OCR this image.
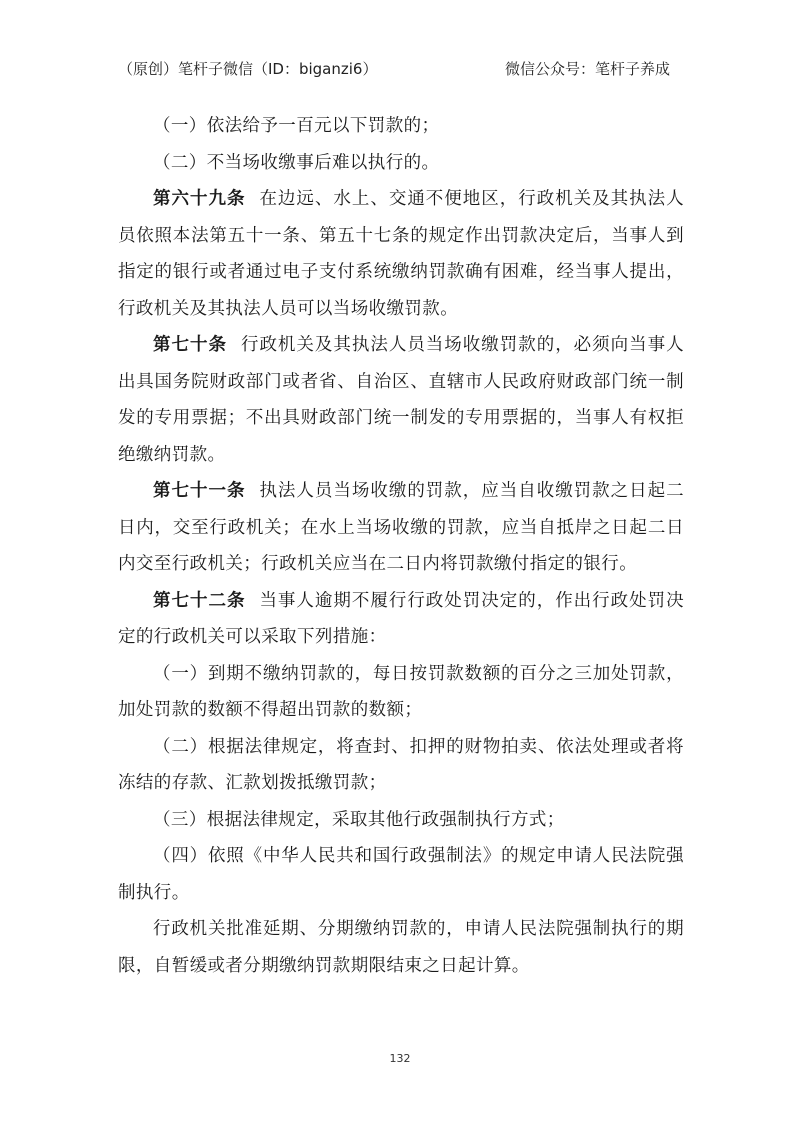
（原创）笔杆子微信（ID：biganzi6）	微信公众号：笔杆子养成

（一）依法给予一百元以下罚款的；

（二）不当场收缴事后难以执行的。

第六十九条 在边远、水上、交通不便地区，行政机关及其执法人员依照本法第五十一条、第五十七条的规定作出罚款决定后，当事人到指定的银行或者通过电子支付系统缴纳罚款确有困难，经当事人提出，行政机关及其执法人员可以当场收缴罚款。

第七十条 行政机关及其执法人员当场收缴罚款的，必须向当事人出具国务院财政部门或者省、自治区、直辖市人民政府财政部门统一制发的专用票据；不出具财政部门统一制发的专用票据的，当事人有权拒绝缴纳罚款。

第七十一条 执法人员当场收缴的罚款，应当自收缴罚款之日起二日内，交至行政机关；在水上当场收缴的罚款，应当自抵岸之日起二日内交至行政机关；行政机关应当在二日内将罚款缴付指定的银行。

第七十二条 当事人逾期不履行行政处罚决定的，作出行政处罚决定的行政机关可以采取下列措施：

（一）到期不缴纳罚款的，每日按罚款数额的百分之三加处罚款，加处罚款的数额不得超出罚款的数额；

（二）根据法律规定，将查封、扣押的财物拍卖、依法处理或者将冻结的存款、汇款划拨抵缴罚款；

（三）根据法律规定，采取其他行政强制执行方式；

（四）依照《中华人民共和国行政强制法》的规定申请人民法院强制执行。

行政机关批准延期、分期缴纳罚款的，申请人民法院强制执行的期限，自暂缓或者分期缴纳罚款期限结束之日起计算。

132
